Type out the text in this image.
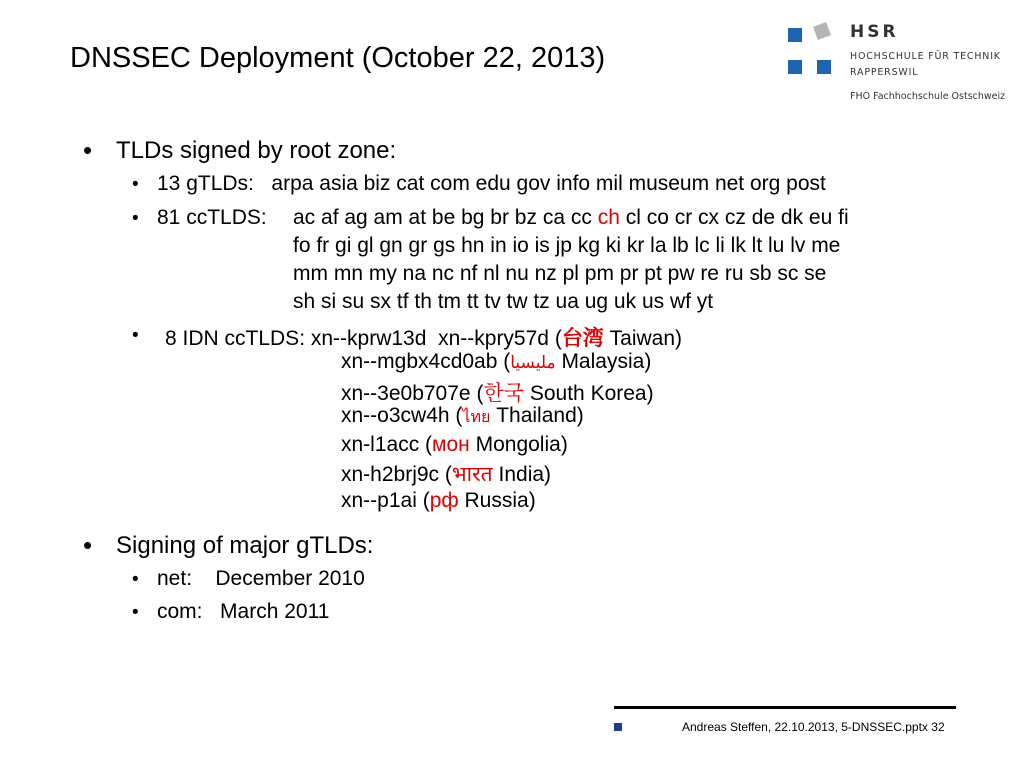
DNSSEC Deployment (October 22, 2013)
HSR
HOCHSCHULE FÜR TECHNIK
RAPPERSWIL
FHO Fachhochschule Ostschweiz
• TLDs signed by root zone:
• 13 gTLDs: arpa asia biz cat com edu gov info mil museum net org post
• 81 ccTLDS: ac af ag am at be bg br bz ca cc ch cl co cr cx cz de dk eu fi
fo fr gi gl gn gr gs hn in io is jp kg ki kr la lb lc li lk lt lu lv me
mm mn my na nc nf nl nu nz pl pm pr pt pw re ru sb sc se
sh si su sx tf th tm tt tv tw tz ua ug uk us wf yt
• 8 IDN ccTLDS: xn--kprw13d xn--kpry57d (台湾 Taiwan)
xn--mgbx4cd0ab (مليسيا Malaysia)
xn--3e0b707e (한국 South Korea)
xn--o3cw4h (ไทย Thailand)
xn-l1acc (мон Mongolia)
xn-h2brj9c (भारत India)
xn--p1ai (рф Russia)
• Signing of major gTLDs:
• net: December 2010
• com: March 2011
Andreas Steffen, 22.10.2013, 5-DNSSEC.pptx 32
